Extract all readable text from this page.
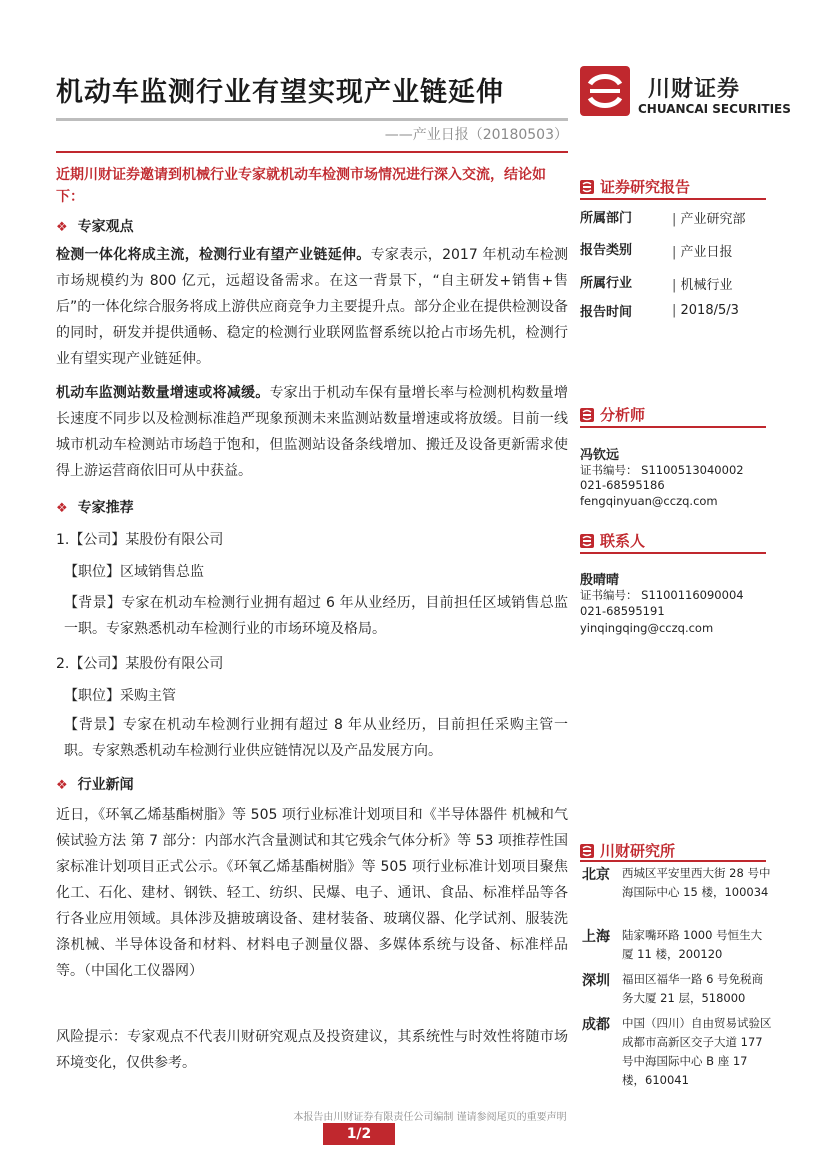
机动车监测行业有望实现产业链延伸
——产业日报（20180503）
川财证券
CHUANCAI SECURITIES
近期川财证券邀请到机械行业专家就机动车检测市场情况进行深入交流，结论如下：
❖ 专家观点
检测一体化将成主流，检测行业有望产业链延伸。专家表示，2017 年机动车检测市场规模约为 800 亿元，远超设备需求。在这一背景下，“自主研发+销售+售后”的一体化综合服务将成上游供应商竞争力主要提升点。部分企业在提供检测设备的同时，研发并提供通畅、稳定的检测行业联网监督系统以抢占市场先机，检测行业有望实现产业链延伸。
机动车监测站数量增速或将减缓。专家出于机动车保有量增长率与检测机构数量增长速度不同步以及检测标准趋严现象预测未来监测站数量增速或将放缓。目前一线城市机动车检测站市场趋于饱和，但监测站设备条线增加、搬迁及设备更新需求使得上游运营商依旧可从中获益。
❖ 专家推荐
1.【公司】某股份有限公司
【职位】区域销售总监
【背景】专家在机动车检测行业拥有超过 6 年从业经历，目前担任区域销售总监一职。专家熟悉机动车检测行业的市场环境及格局。
2.【公司】某股份有限公司
【职位】采购主管
【背景】专家在机动车检测行业拥有超过 8 年从业经历，目前担任采购主管一职。专家熟悉机动车检测行业供应链情况以及产品发展方向。
❖ 行业新闻
近日，《环氧乙烯基酯树脂》等 505 项行业标准计划项目和《半导体器件 机械和气候试验方法 第 7 部分：内部水汽含量测试和其它残余气体分析》等 53 项推荐性国家标准计划项目正式公示。《环氧乙烯基酯树脂》等 505 项行业标准计划项目聚焦化工、石化、建材、钢铁、轻工、纺织、民爆、电子、通讯、食品、标准样品等各行各业应用领域。具体涉及搪玻璃设备、建材装备、玻璃仪器、化学试剂、服装洗涤机械、半导体设备和材料、材料电子测量仪器、多媒体系统与设备、标准样品等。（中国化工仪器网）
风险提示：专家观点不代表川财研究观点及投资建议，其系统性与时效性将随市场环境变化，仅供参考。
证券研究报告
所属部门	| 产业研究部
报告类别	| 产业日报
所属行业	| 机械行业
报告时间	| 2018/5/3
分析师
冯钦远
证书编号： S1100513040002
021-68595186
fengqinyuan@cczq.com
联系人
殷晴晴
证书编号： S1100116090004
021-68595191
yinqingqing@cczq.com
川财研究所
北京 西城区平安里西大街 28 号中海国际中心 15 楼，100034
上海 陆家嘴环路 1000 号恒生大厦 11 楼，200120
深圳 福田区福华一路 6 号免税商务大厦 21 层，518000
成都 中国（四川）自由贸易试验区成都市高新区交子大道 177 号中海国际中心 B 座 17 楼，610041
本报告由川财证券有限责任公司编制 谨请参阅尾页的重要声明
1/2
